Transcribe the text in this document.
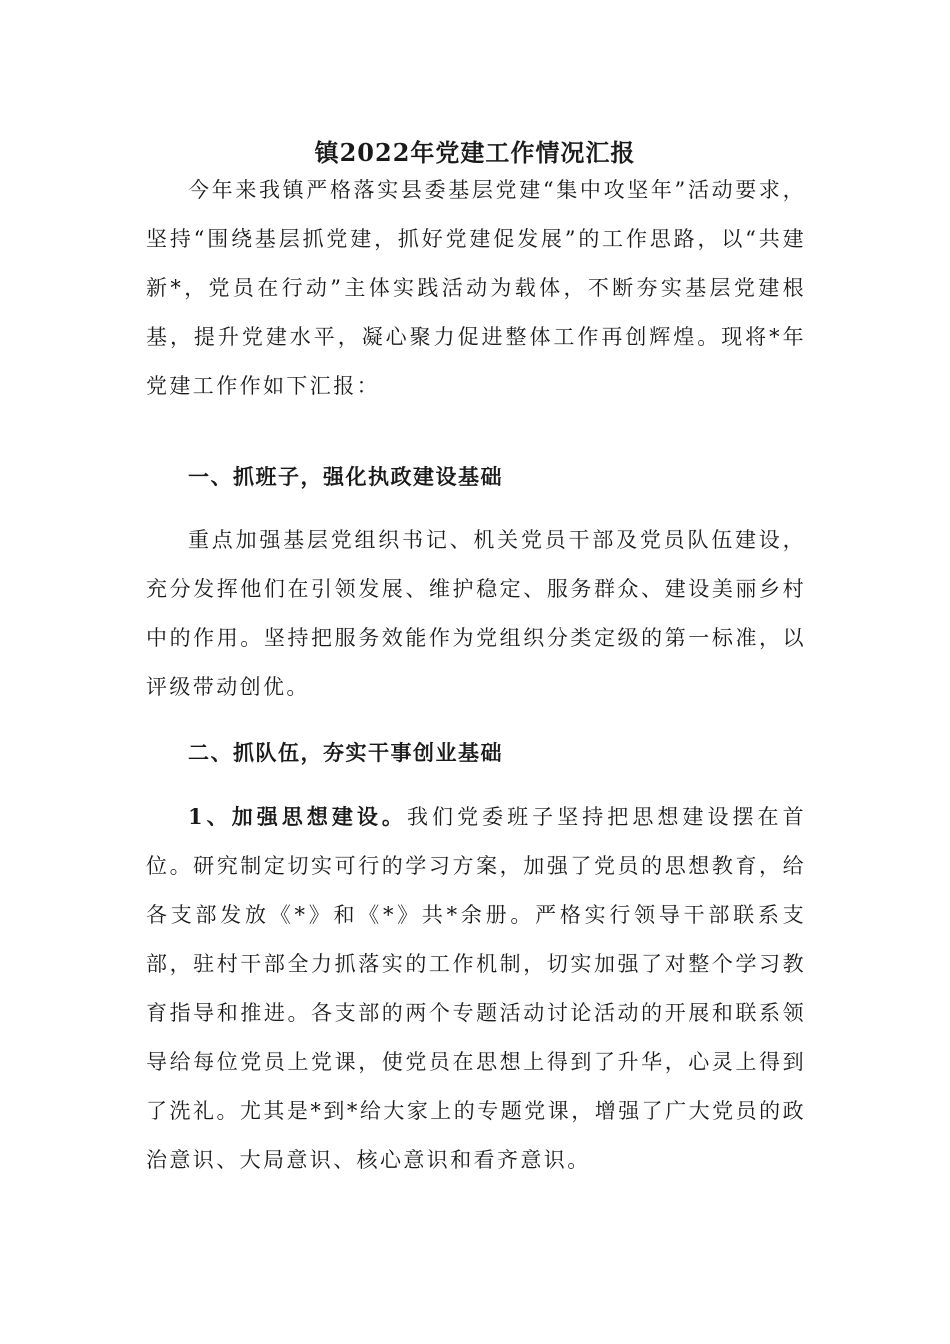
镇2022年党建工作情况汇报

今年来我镇严格落实县委基层党建“集中攻坚年”活动要求，坚持“围绕基层抓党建，抓好党建促发展”的工作思路，以“共建新*，党员在行动”主体实践活动为载体，不断夯实基层党建根基，提升党建水平，凝心聚力促进整体工作再创辉煌。现将*年党建工作作如下汇报：

一、抓班子，强化执政建设基础

重点加强基层党组织书记、机关党员干部及党员队伍建设，充分发挥他们在引领发展、维护稳定、服务群众、建设美丽乡村中的作用。坚持把服务效能作为党组织分类定级的第一标准，以评级带动创优。

二、抓队伍，夯实干事创业基础

1、加强思想建设。我们党委班子坚持把思想建设摆在首位。研究制定切实可行的学习方案，加强了党员的思想教育，给各支部发放《*》和《*》共*余册。严格实行领导干部联系支部，驻村干部全力抓落实的工作机制，切实加强了对整个学习教育指导和推进。各支部的两个专题活动讨论活动的开展和联系领导给每位党员上党课，使党员在思想上得到了升华，心灵上得到了洗礼。尤其是*到*给大家上的专题党课，增强了广大党员的政治意识、大局意识、核心意识和看齐意识。
